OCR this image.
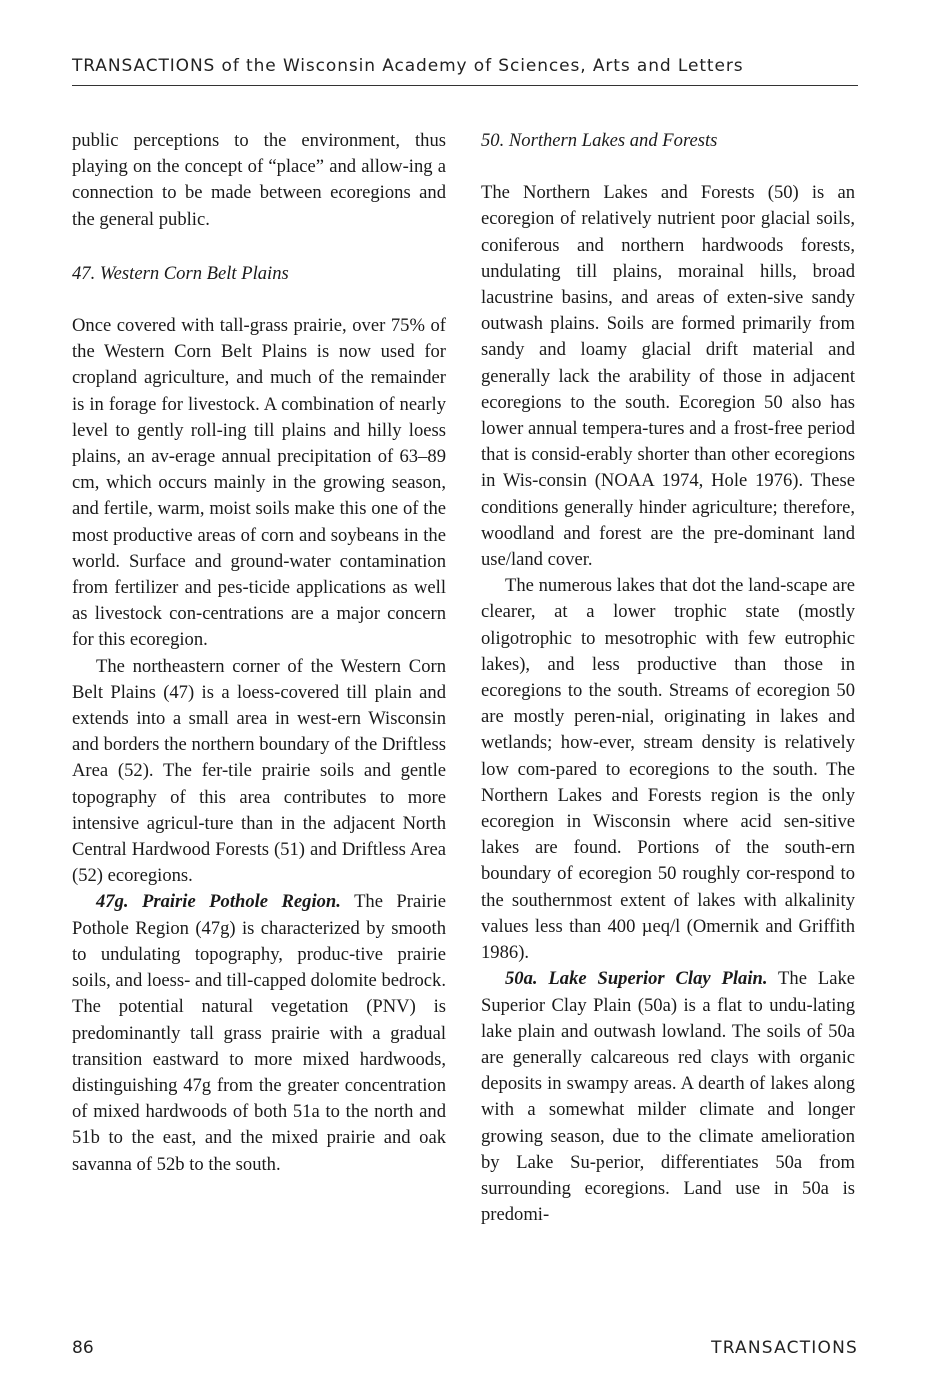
TRANSACTIONS of the Wisconsin Academy of Sciences, Arts and Letters

public perceptions to the environment, thus playing on the concept of “place” and allow-ing a connection to be made between ecoregions and the general public.

47. Western Corn Belt Plains

Once covered with tall-grass prairie, over 75% of the Western Corn Belt Plains is now used for cropland agriculture, and much of the remainder is in forage for livestock. A combination of nearly level to gently roll-ing till plains and hilly loess plains, an av-erage annual precipitation of 63–89 cm, which occurs mainly in the growing season, and fertile, warm, moist soils make this one of the most productive areas of corn and soybeans in the world. Surface and ground-water contamination from fertilizer and pes-ticide applications as well as livestock con-centrations are a major concern for this ecoregion.

The northeastern corner of the Western Corn Belt Plains (47) is a loess-covered till plain and extends into a small area in west-ern Wisconsin and borders the northern boundary of the Driftless Area (52). The fer-tile prairie soils and gentle topography of this area contributes to more intensive agricul-ture than in the adjacent North Central Hardwood Forests (51) and Driftless Area (52) ecoregions.

47g. Prairie Pothole Region. The Prairie Pothole Region (47g) is characterized by smooth to undulating topography, produc-tive prairie soils, and loess- and till-capped dolomite bedrock. The potential natural vegetation (PNV) is predominantly tall grass prairie with a gradual transition eastward to more mixed hardwoods, distinguishing 47g from the greater concentration of mixed hardwoods of both 51a to the north and 51b to the east, and the mixed prairie and oak savanna of 52b to the south.

50. Northern Lakes and Forests

The Northern Lakes and Forests (50) is an ecoregion of relatively nutrient poor glacial soils, coniferous and northern hardwoods forests, undulating till plains, morainal hills, broad lacustrine basins, and areas of exten-sive sandy outwash plains. Soils are formed primarily from sandy and loamy glacial drift material and generally lack the arability of those in adjacent ecoregions to the south. Ecoregion 50 also has lower annual tempera-tures and a frost-free period that is consid-erably shorter than other ecoregions in Wis-consin (NOAA 1974, Hole 1976). These conditions generally hinder agriculture; therefore, woodland and forest are the pre-dominant land use/land cover.

The numerous lakes that dot the land-scape are clearer, at a lower trophic state (mostly oligotrophic to mesotrophic with few eutrophic lakes), and less productive than those in ecoregions to the south. Streams of ecoregion 50 are mostly peren-nial, originating in lakes and wetlands; how-ever, stream density is relatively low com-pared to ecoregions to the south. The Northern Lakes and Forests region is the only ecoregion in Wisconsin where acid sen-sitive lakes are found. Portions of the south-ern boundary of ecoregion 50 roughly cor-respond to the southernmost extent of lakes with alkalinity values less than 400 µeq/l (Omernik and Griffith 1986).

50a. Lake Superior Clay Plain. The Lake Superior Clay Plain (50a) is a flat to undu-lating lake plain and outwash lowland. The soils of 50a are generally calcareous red clays with organic deposits in swampy areas. A dearth of lakes along with a somewhat milder climate and longer growing season, due to the climate amelioration by Lake Su-perior, differentiates 50a from surrounding ecoregions. Land use in 50a is predomi-

86	TRANSACTIONS
